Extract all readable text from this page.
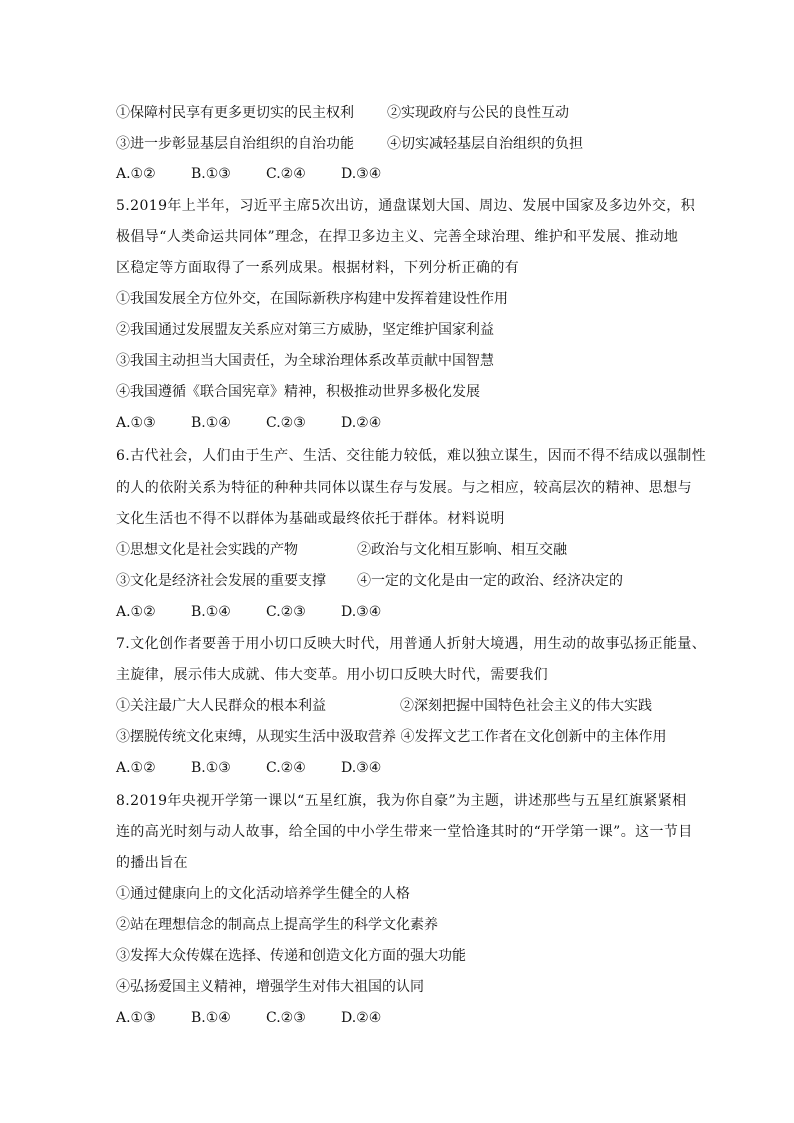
①保障村民享有更多更切实的民主权利 ②实现政府与公民的良性互动
③进一步彰显基层自治组织的自治功能 ④切实减轻基层自治组织的负担
A.①②	B.①③	C.②④	D.③④
5.2019年上半年，习近平主席5次出访，通盘谋划大国、周边、发展中国家及多边外交，积
极倡导“人类命运共同体”理念，在捍卫多边主义、完善全球治理、维护和平发展、推动地
区稳定等方面取得了一系列成果。根据材料，下列分析正确的有
①我国发展全方位外交，在国际新秩序构建中发挥着建设性作用
②我国通过发展盟友关系应对第三方威胁，坚定维护国家利益
③我国主动担当大国责任，为全球治理体系改革贡献中国智慧
④我国遵循《联合国宪章》精神，积极推动世界多极化发展
A.①③	B.①④	C.②③	D.②④
6.古代社会，人们由于生产、生活、交往能力较低，难以独立谋生，因而不得不结成以强制性
的人的依附关系为特征的种种共同体以谋生存与发展。与之相应，较高层次的精神、思想与
文化生活也不得不以群体为基础或最终依托于群体。材料说明
①思想文化是社会实践的产物	②政治与文化相互影响、相互交融
③文化是经济社会发展的重要支撑 ④一定的文化是由一定的政治、经济决定的
A.①②	B.①④	C.②③	D.③④
7.文化创作者要善于用小切口反映大时代，用普通人折射大境遇，用生动的故事弘扬正能量、
主旋律，展示伟大成就、伟大变革。用小切口反映大时代，需要我们
①关注最广大人民群众的根本利益	②深刻把握中国特色社会主义的伟大实践
③摆脱传统文化束缚，从现实生活中汲取营养 ④发挥文艺工作者在文化创新中的主体作用
A.①②	B.①③	C.②④	D.③④
8.2019年央视开学第一课以“五星红旗，我为你自豪”为主题，讲述那些与五星红旗紧紧相
连的高光时刻与动人故事，给全国的中小学生带来一堂恰逢其时的“开学第一课”。这一节目
的播出旨在
①通过健康向上的文化活动培养学生健全的人格
②站在理想信念的制高点上提高学生的科学文化素养
③发挥大众传媒在选择、传递和创造文化方面的强大功能
④弘扬爱国主义精神，增强学生对伟大祖国的认同
A.①③	B.①④	C.②③	D.②④
